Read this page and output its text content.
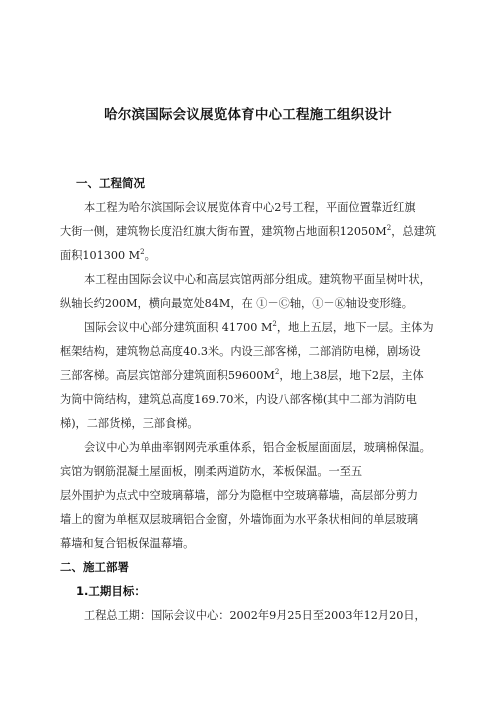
哈尔滨国际会议展览体育中心工程施工组织设计
一、工程简况
本工程为哈尔滨国际会议展览体育中心2号工程，平面位置靠近红旗
大街一侧，建筑物长度沿红旗大街布置，建筑物占地面积$12050M^2$，总建筑
面积101300 $M^2$。
本工程由国际会议中心和高层宾馆两部分组成。建筑物平面呈树叶状，
纵轴长约200M，横向最宽处84M，在 ①－Ⓒ轴，①－Ⓚ轴设变形缝。
国际会议中心部分建筑面积 41700 $M^2$，地上五层，地下一层。主体为
框架结构，建筑物总高度40.3米。内设三部客梯，二部消防电梯，剧场设
三部客梯。高层宾馆部分建筑面积$59600M^2$，地上38层，地下2层，主体
为筒中筒结构，建筑总高度169.70米，内设八部客梯(其中二部为消防电
梯)，二部货梯，三部食梯。
会议中心为单曲率钢网壳承重体系，铝合金板屋面面层，玻璃棉保温。
宾馆为钢筋混凝土屋面板，刚柔两道防水，苯板保温。一至五
层外围护为点式中空玻璃幕墙，部分为隐框中空玻璃幕墙，高层部分剪力
墙上的窗为单框双层玻璃铝合金窗，外墙饰面为水平条状相间的单层玻璃
幕墙和复合铝板保温幕墙。
二、施工部署
1.工期目标：
工程总工期：国际会议中心：2002年9月25日至2003年12月20日，
